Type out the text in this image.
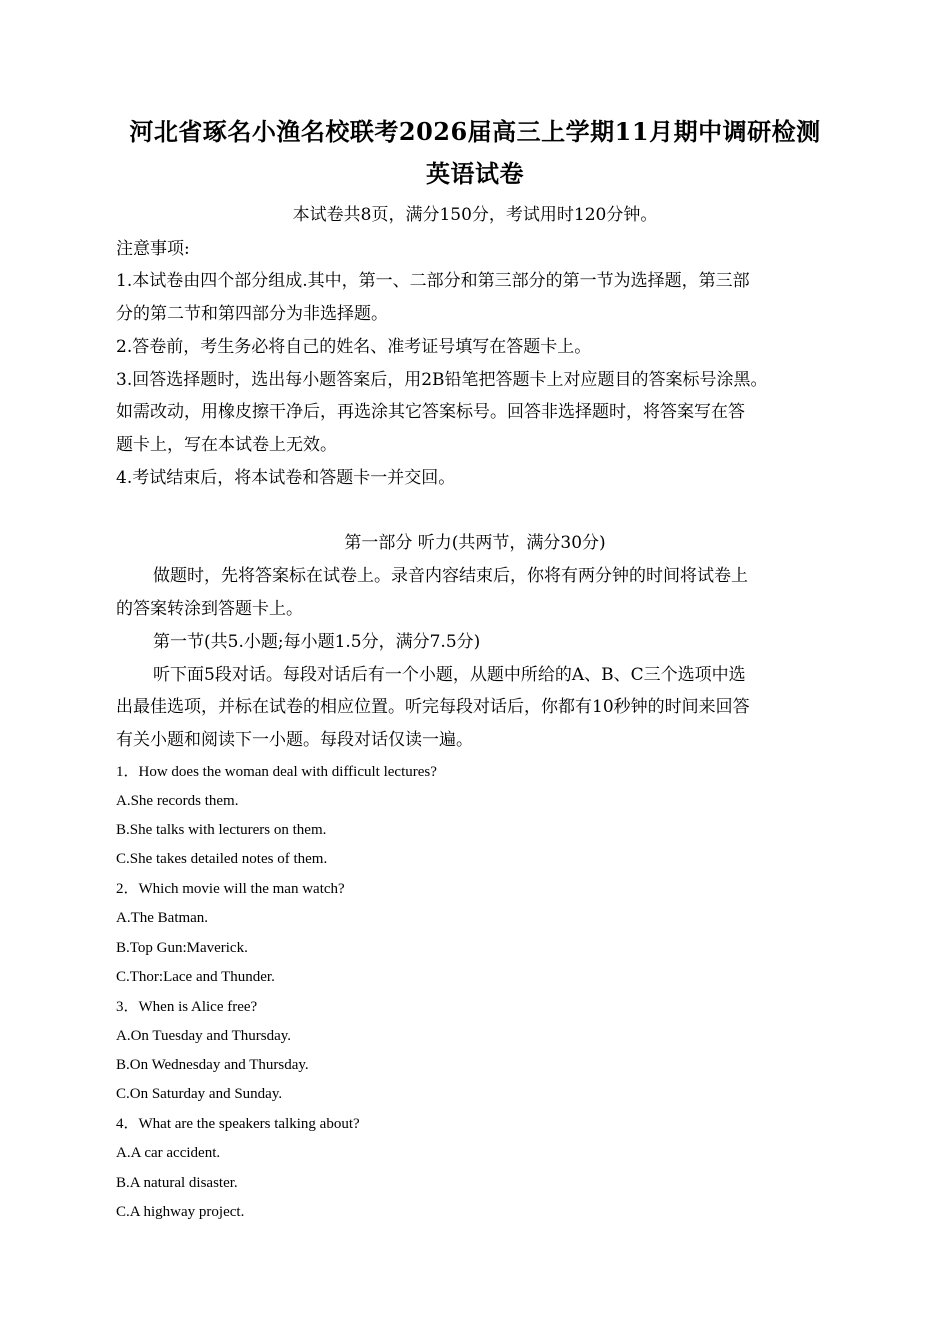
河北省琢名小渔名校联考2026届高三上学期11月期中调研检测
英语试卷
本试卷共8页，满分150分，考试用时120分钟。
注意事项:
1.本试卷由四个部分组成.其中，第一、二部分和第三部分的第一节为选择题，第三部
分的第二节和第四部分为非选择题。
2.答卷前，考生务必将自己的姓名、准考证号填写在答题卡上。
3.回答选择题时，选出每小题答案后，用2B铅笔把答题卡上对应题目的答案标号涂黑。
如需改动，用橡皮擦干净后，再选涂其它答案标号。回答非选择题时，将答案写在答
题卡上，写在本试卷上无效。
4.考试结束后，将本试卷和答题卡一并交回。
第一部分 听力(共两节，满分30分)
做题时，先将答案标在试卷上。录音内容结束后，你将有两分钟的时间将试卷上
的答案转涂到答题卡上。
第一节(共5.小题;每小题1.5分，满分7.5分)
听下面5段对话。每段对话后有一个小题，从题中所给的A、B、C三个选项中选
出最佳选项，并标在试卷的相应位置。听完每段对话后，你都有10秒钟的时间来回答
有关小题和阅读下一小题。每段对话仅读一遍。
1．How does the woman deal with difficult lectures?
A.She records them.
B.She talks with lecturers on them.
C.She takes detailed notes of them.
2．Which movie will the man watch?
A.The Batman.
B.Top Gun:Maverick.
C.Thor:Lace and Thunder.
3．When is Alice free?
A.On Tuesday and Thursday.
B.On Wednesday and Thursday.
C.On Saturday and Sunday.
4．What are the speakers talking about?
A.A car accident.
B.A natural disaster.
C.A highway project.
